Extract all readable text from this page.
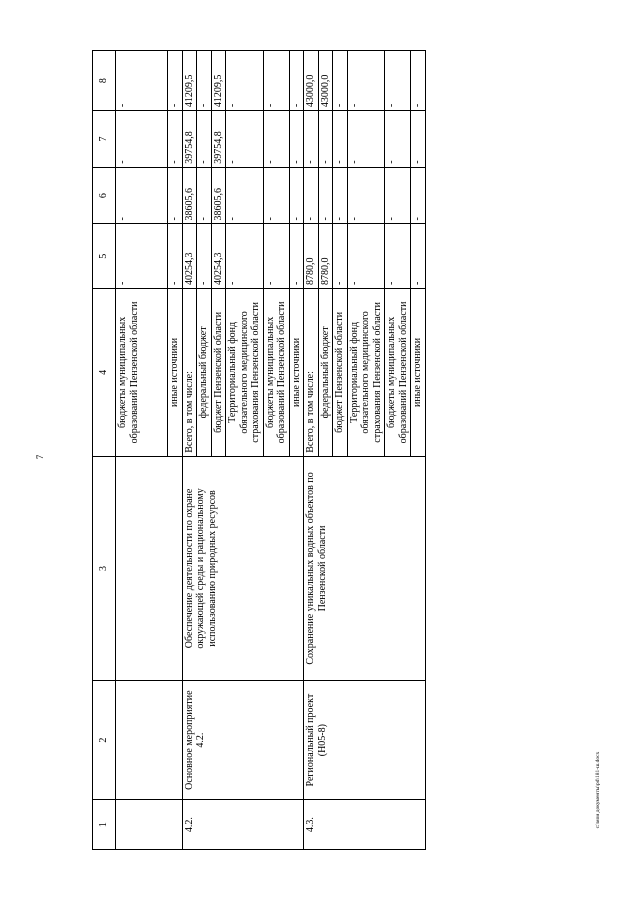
7
c:\мои документы\pd\181-ш.docx
1	2	3	4	5	6	7	8
			бюджеты муниципальных образований Пензенской области	-	-	-	-
			иные источники	-	-	-	-
4.2.	Основное мероприятие 4.2.	Обеспечение деятельности по охране окружающей среды и рациональному использованию природных ресурсов	Всего, в том числе:	40254,3	38605,6	39754,8	41209,5
			федеральный бюджет	-	-	-	-
			бюджет Пензенской области	40254,3	38605,6	39754,8	41209,5
			Территориальный фонд обязательного медицинского страхования Пензенской области	-	-	-	-
			бюджеты муниципальных образований Пензенской области	-	-	-	-
			иные источники	-	-	-	-
4.3.	Региональный проект (Н05-8)	Сохранение уникальных водных объектов по Пензенской области	Всего, в том числе:	8780,0	-	-	43000,0
			федеральный бюджет	8780,0	-	-	43000,0
			бюджет Пензенской области	-	-	-	-
			Территориальный фонд обязательного медицинского страхования Пензенской области	-	-	-	-
			бюджеты муниципальных образований Пензенской области	-	-	-	-
			иные источники	-	-	-	-
